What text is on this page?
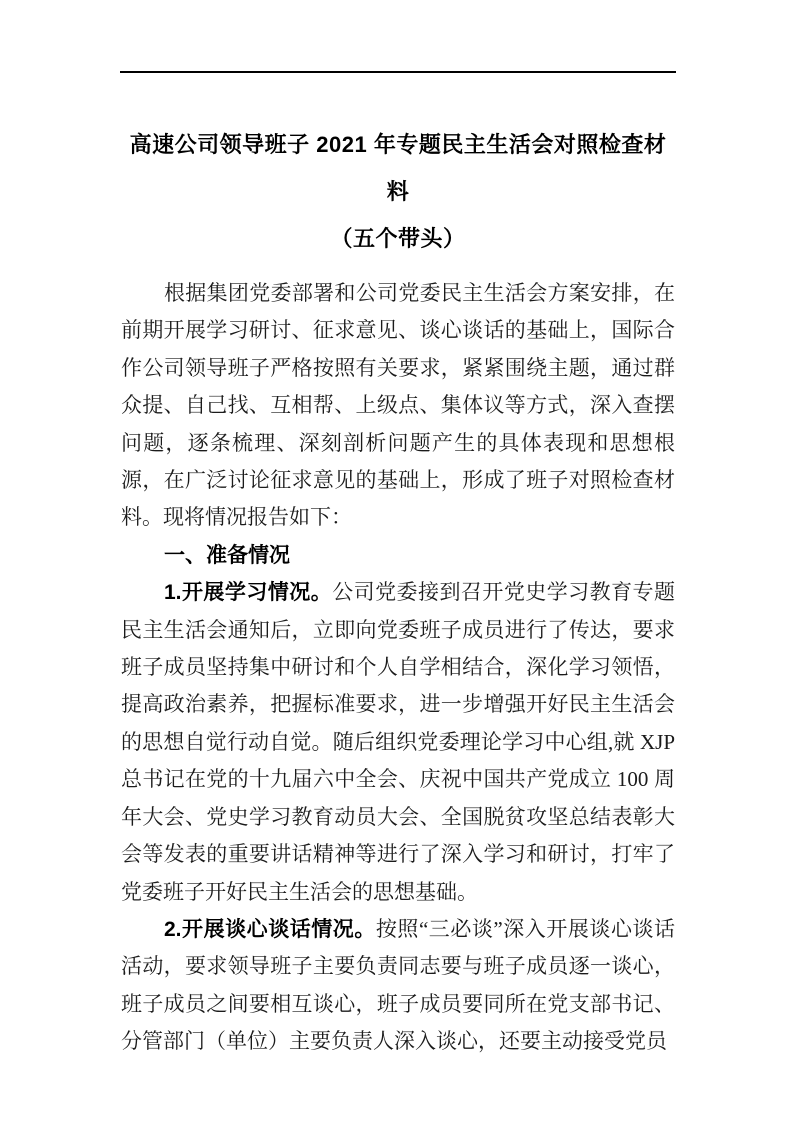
高速公司领导班子 2021 年专题民主生活会对照检查材料
（五个带头）

根据集团党委部署和公司党委民主生活会方案安排，在前期开展学习研讨、征求意见、谈心谈话的基础上，国际合作公司领导班子严格按照有关要求，紧紧围绕主题，通过群众提、自己找、互相帮、上级点、集体议等方式，深入查摆问题，逐条梳理、深刻剖析问题产生的具体表现和思想根源，在广泛讨论征求意见的基础上，形成了班子对照检查材料。现将情况报告如下：

一、准备情况

1.开展学习情况。公司党委接到召开党史学习教育专题民主生活会通知后，立即向党委班子成员进行了传达，要求班子成员坚持集中研讨和个人自学相结合，深化学习领悟，提高政治素养，把握标准要求，进一步增强开好民主生活会的思想自觉行动自觉。随后组织党委理论学习中心组,就 XJP 总书记在党的十九届六中全会、庆祝中国共产党成立 100 周年大会、党史学习教育动员大会、全国脱贫攻坚总结表彰大会等发表的重要讲话精神等进行了深入学习和研讨，打牢了党委班子开好民主生活会的思想基础。

2.开展谈心谈话情况。按照“三必谈”深入开展谈心谈话活动，要求领导班子主要负责同志要与班子成员逐一谈心，班子成员之间要相互谈心，班子成员要同所在党支部书记、分管部门（单位）主要负责人深入谈心，还要主动接受党员
